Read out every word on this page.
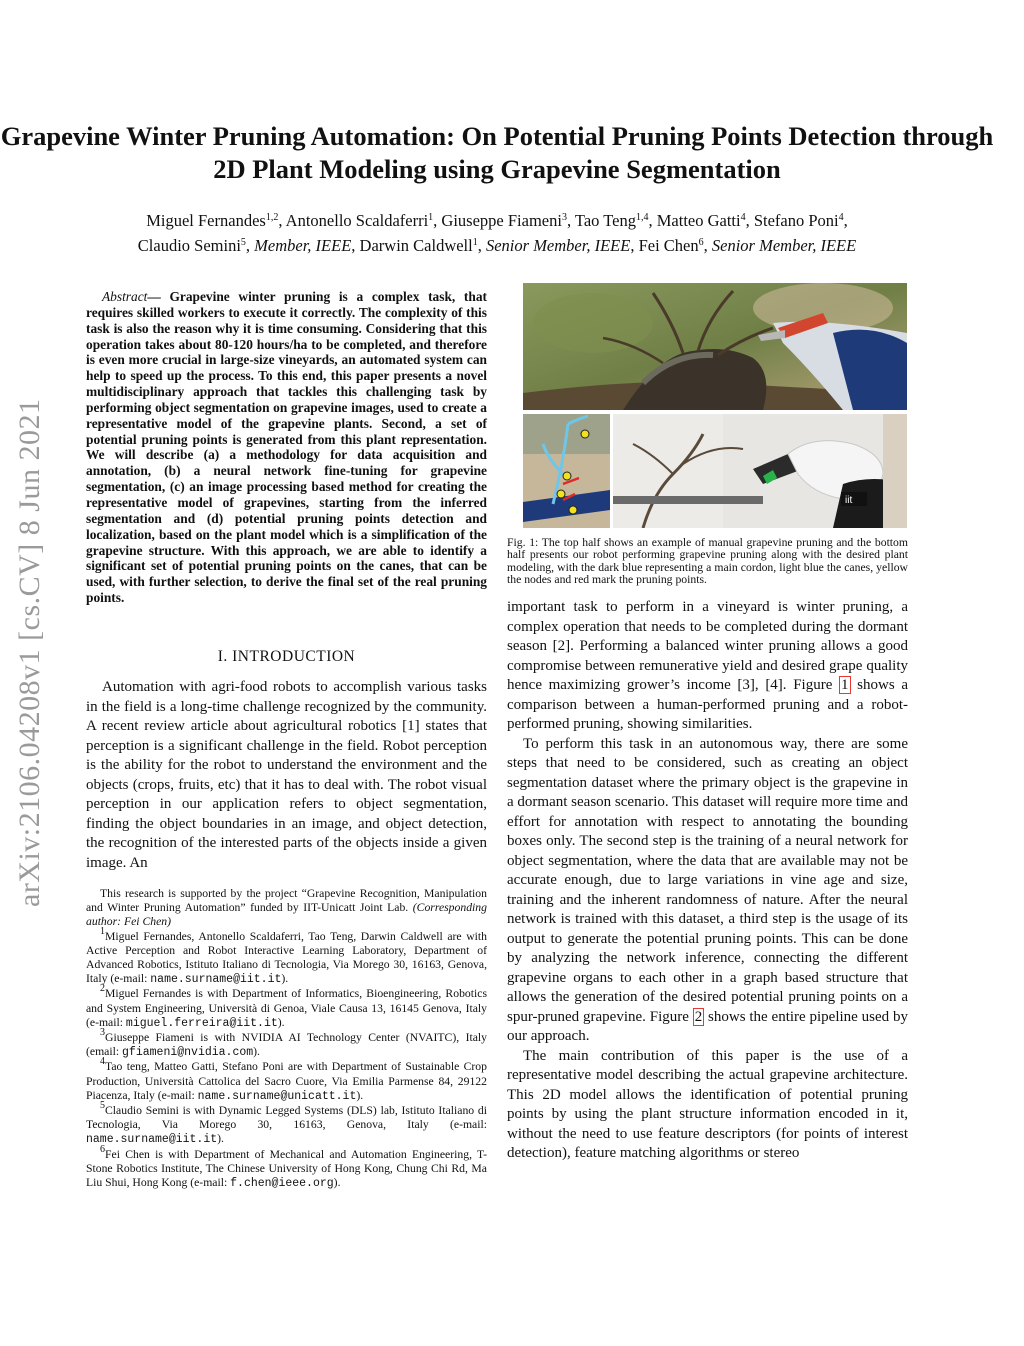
arXiv:2106.04208v1 [cs.CV] 8 Jun 2021
Grapevine Winter Pruning Automation: On Potential Pruning Points Detection through 2D Plant Modeling using Grapevine Segmentation
Miguel Fernandes$^{1,2}$, Antonello Scaldaferri$^1$, Giuseppe Fiameni$^3$, Tao Teng$^{1,4}$, Matteo Gatti$^4$, Stefano Poni$^4$,
Claudio Semini$^5$, Member, IEEE, Darwin Caldwell$^1$, Senior Member, IEEE, Fei Chen$^6$, Senior Member, IEEE
Abstract— Grapevine winter pruning is a complex task, that requires skilled workers to execute it correctly. The complexity of this task is also the reason why it is time consuming. Considering that this operation takes about 80-120 hours/ha to be completed, and therefore is even more crucial in large-size vineyards, an automated system can help to speed up the process. To this end, this paper presents a novel multidisciplinary approach that tackles this challenging task by performing object segmentation on grapevine images, used to create a representative model of the grapevine plants. Second, a set of potential pruning points is generated from this plant representation. We will describe (a) a methodology for data acquisition and annotation, (b) a neural network fine-tuning for grapevine segmentation, (c) an image processing based method for creating the representative model of grapevines, starting from the inferred segmentation and (d) potential pruning points detection and localization, based on the plant model which is a simplification of the grapevine structure. With this approach, we are able to identify a significant set of potential pruning points on the canes, that can be used, with further selection, to derive the final set of the real pruning points.
I. INTRODUCTION

Automation with agri-food robots to accomplish various tasks in the field is a long-time challenge recognized by the community. A recent review article about agricultural robotics [1] states that perception is a significant challenge in the field. Robot perception is the ability for the robot to understand the environment and the objects (crops, fruits, etc) that it has to deal with. The robot visual perception in our application refers to object segmentation, finding the object boundaries in an image, and object detection, the recognition of the interested parts of the objects inside a given image. An

This research is supported by the project “Grapevine Recognition, Manipulation and Winter Pruning Automation” funded by IIT-Unicatt Joint Lab. (Corresponding author: Fei Chen)

$^1$Miguel Fernandes, Antonello Scaldaferri, Tao Teng, Darwin Caldwell are with Active Perception and Robot Interactive Learning Laboratory, Department of Advanced Robotics, Istituto Italiano di Tecnologia, Via Morego 30, 16163, Genova, Italy (e-mail: name.surname@iit.it).

$^2$Miguel Fernandes is with Department of Informatics, Bioengineering, Robotics and System Engineering, Università di Genoa, Viale Causa 13, 16145 Genova, Italy (e-mail: miguel.ferreira@iit.it).

$^3$Giuseppe Fiameni is with NVIDIA AI Technology Center (NVAITC), Italy (email: gfiameni@nvidia.com).

$^4$Tao teng, Matteo Gatti, Stefano Poni are with Department of Sustainable Crop Production, Università Cattolica del Sacro Cuore, Via Emilia Parmense 84, 29122 Piacenza, Italy (e-mail: name.surname@unicatt.it).

$^5$Claudio Semini is with Dynamic Legged Systems (DLS) lab, Istituto Italiano di Tecnologia, Via Morego 30, 16163, Genova, Italy (e-mail: name.surname@iit.it).

$^6$Fei Chen is with Department of Mechanical and Automation Engineering, T-Stone Robotics Institute, The Chinese University of Hong Kong, Chung Chi Rd, Ma Liu Shui, Hong Kong (e-mail: f.chen@ieee.org).

iit
Fig. 1: The top half shows an example of manual grapevine pruning and the bottom half presents our robot performing grapevine pruning along with the desired plant modeling, with the dark blue representing a main cordon, light blue the canes, yellow the nodes and red mark the pruning points.

important task to perform in a vineyard is winter pruning, a complex operation that needs to be completed during the dormant season [2]. Performing a balanced winter pruning allows a good compromise between remunerative yield and desired grape quality hence maximizing grower’s income [3], [4]. Figure 1 shows a comparison between a human-performed pruning and a robot-performed pruning, showing similarities.

To perform this task in an autonomous way, there are some steps that need to be considered, such as creating an object segmentation dataset where the primary object is the grapevine in a dormant season scenario. This dataset will require more time and effort for annotation with respect to annotating the bounding boxes only. The second step is the training of a neural network for object segmentation, where the data that are available may not be accurate enough, due to large variations in vine age and size, training and the inherent randomness of nature. After the neural network is trained with this dataset, a third step is the usage of its output to generate the potential pruning points. This can be done by analyzing the network inference, connecting the different grapevine organs to each other in a graph based structure that allows the generation of the desired potential pruning points on a spur-pruned grapevine. Figure 2 shows the entire pipeline used by our approach.

The main contribution of this paper is the use of a representative model describing the actual grapevine architecture. This 2D model allows the identification of potential pruning points by using the plant structure information encoded in it, without the need to use feature descriptors (for points of interest detection), feature matching algorithms or stereo
